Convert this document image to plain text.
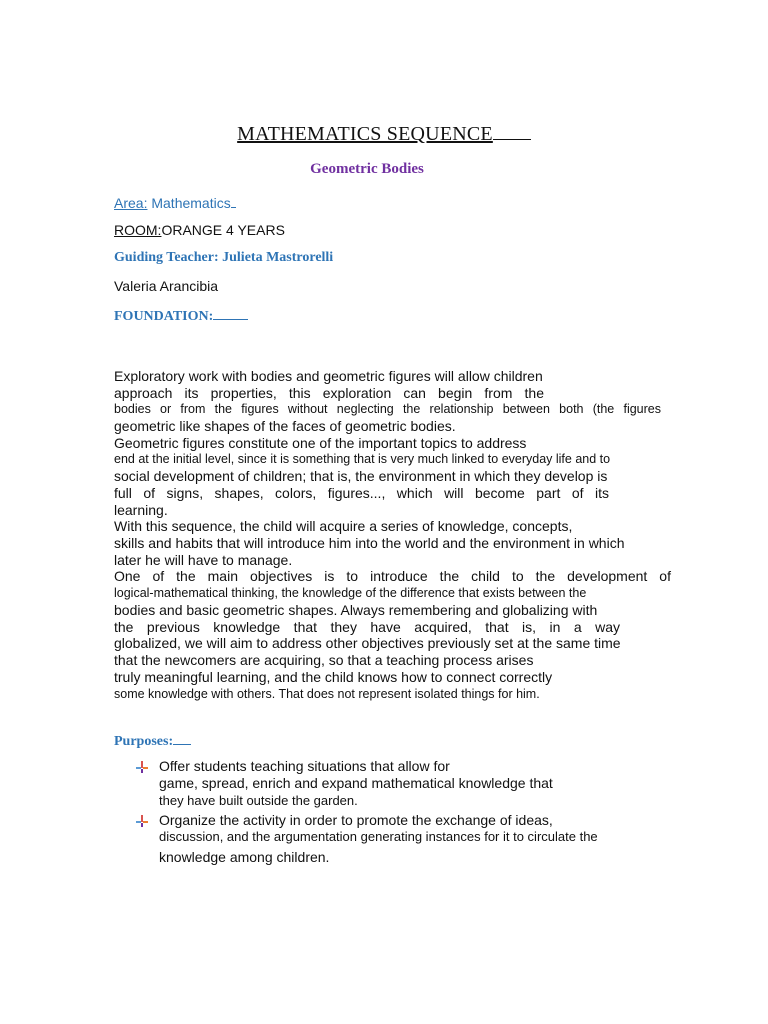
MATHEMATICS SEQUENCE
Geometric Bodies
Area: Mathematics
ROOM:ORANGE 4 YEARS
Guiding Teacher: Julieta Mastrorelli
Valeria Arancibia
FOUNDATION:
Exploratory work with bodies and geometric figures will allow children
approach its properties, this exploration can begin from the
bodies or from the figures without neglecting the relationship between both (the figures
geometric like shapes of the faces of geometric bodies.
Geometric figures constitute one of the important topics to address
end at the initial level, since it is something that is very much linked to everyday life and to
social development of children; that is, the environment in which they develop is
full of signs, shapes, colors, figures..., which will become part of its
learning.
With this sequence, the child will acquire a series of knowledge, concepts,
skills and habits that will introduce him into the world and the environment in which
later he will have to manage.
One of the main objectives is to introduce the child to the development of
logical-mathematical thinking, the knowledge of the difference that exists between the
bodies and basic geometric shapes. Always remembering and globalizing with
the previous knowledge that they have acquired, that is, in a way
globalized, we will aim to address other objectives previously set at the same time
that the newcomers are acquiring, so that a teaching process arises
truly meaningful learning, and the child knows how to connect correctly
some knowledge with others. That does not represent isolated things for him.
Purposes:
Offer students teaching situations that allow for
game, spread, enrich and expand mathematical knowledge that
they have built outside the garden.
Organize the activity in order to promote the exchange of ideas,
discussion, and the argumentation generating instances for it to circulate the
knowledge among children.
